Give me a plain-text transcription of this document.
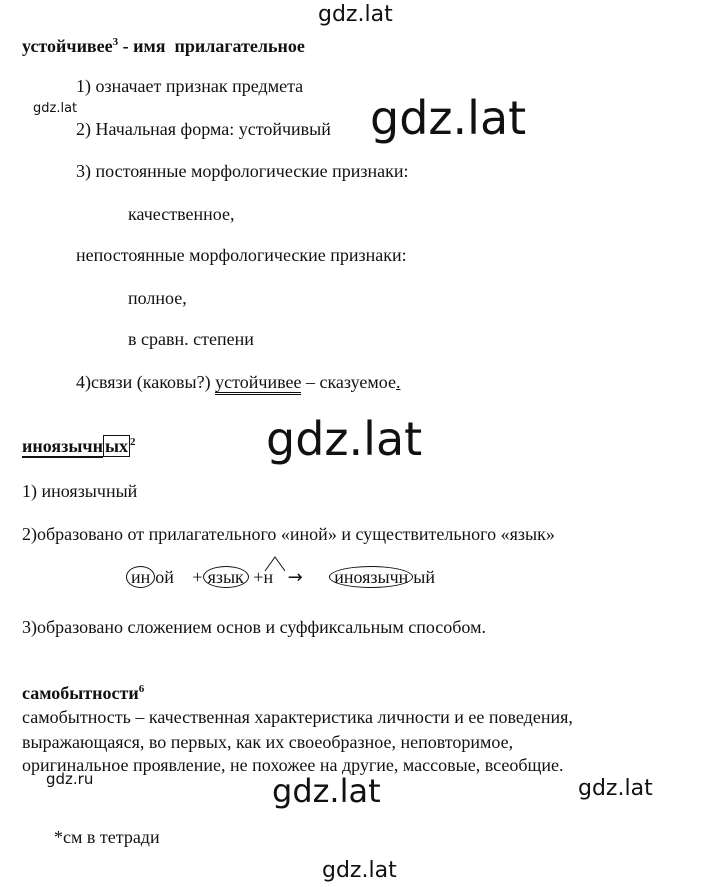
gdz.lat
устойчивее$^3$ - имя  прилагательное
1) означает признак предмета
gdz.lat
2) Начальная форма: устойчивый gdz.lat
3) постоянные морфологические признаки:
качественное,
непостоянные морфологические признаки:
полное,
в сравн. степени
4)связи (каковы?) устойчивее – сказуемое.
gdz.lat
иноязычн ых $^2$
1) иноязычный
2)образовано от прилагательного «иной» и существительного «язык»
ин ой + язык +н → иноязычн ый
3)образовано сложением основ и суффиксальным способом.
самобытности$^6$
самобытность – качественная характеристика личности и ее поведения,
выражающаяся, во первых, как их своеобразное, неповторимое,
оригинальное проявление, не похожее на другие, массовые, всеобщие.
gdz.ru	gdz.lat	gdz.lat
*см в тетради
gdz.lat
